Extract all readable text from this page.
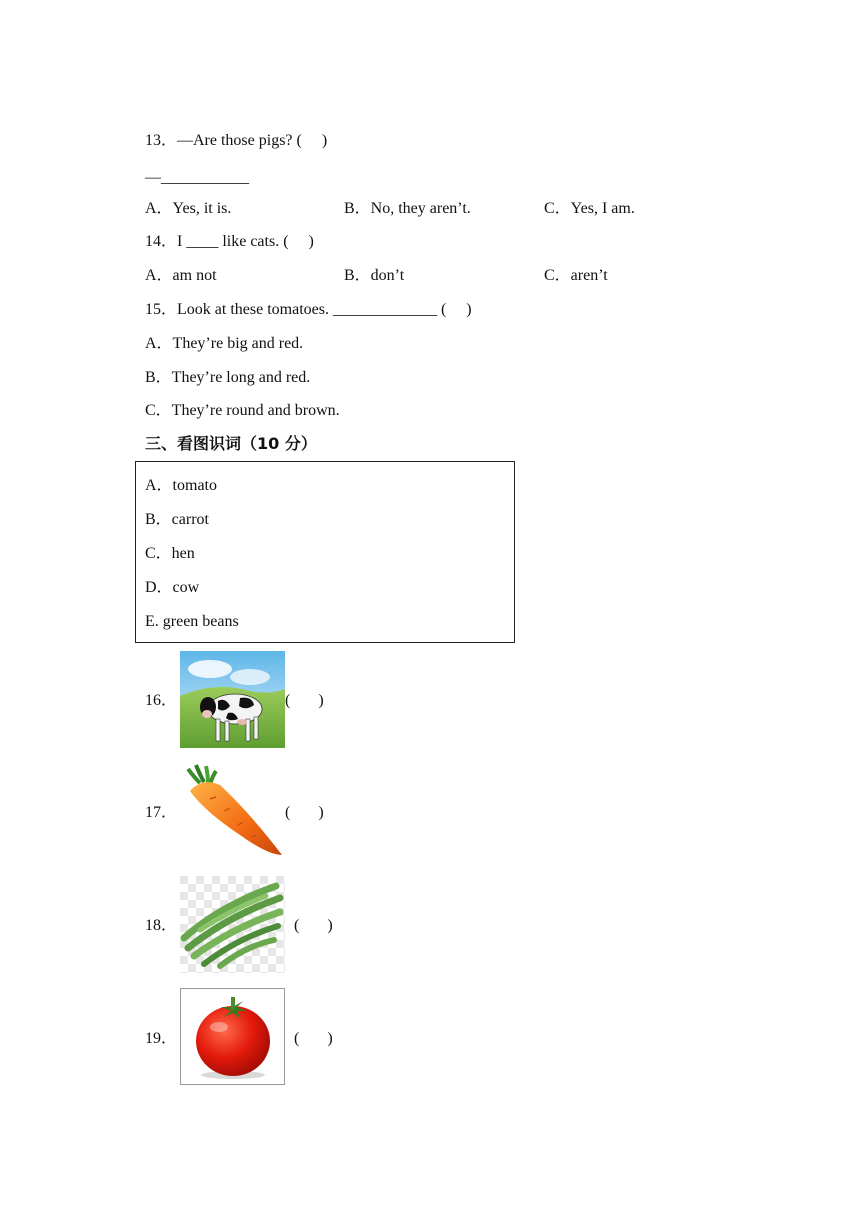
13．—Are those pigs? (     )
—___________
A．Yes, it is.	B．No, they aren’t.	C．Yes, I am.
14．I ____ like cats. (     )
A．am not	B．don’t	C．aren’t
15．Look at these tomatoes. _____________ (     )
A．They’re big and red.
B．They’re long and red.
C．They’re round and brown.
三、看图识词（10 分）
A．tomato
B．carrot
C．hen
D．cow
E. green beans
16．	(       )
17．	(       )
18．	(       )
19．	(       )
